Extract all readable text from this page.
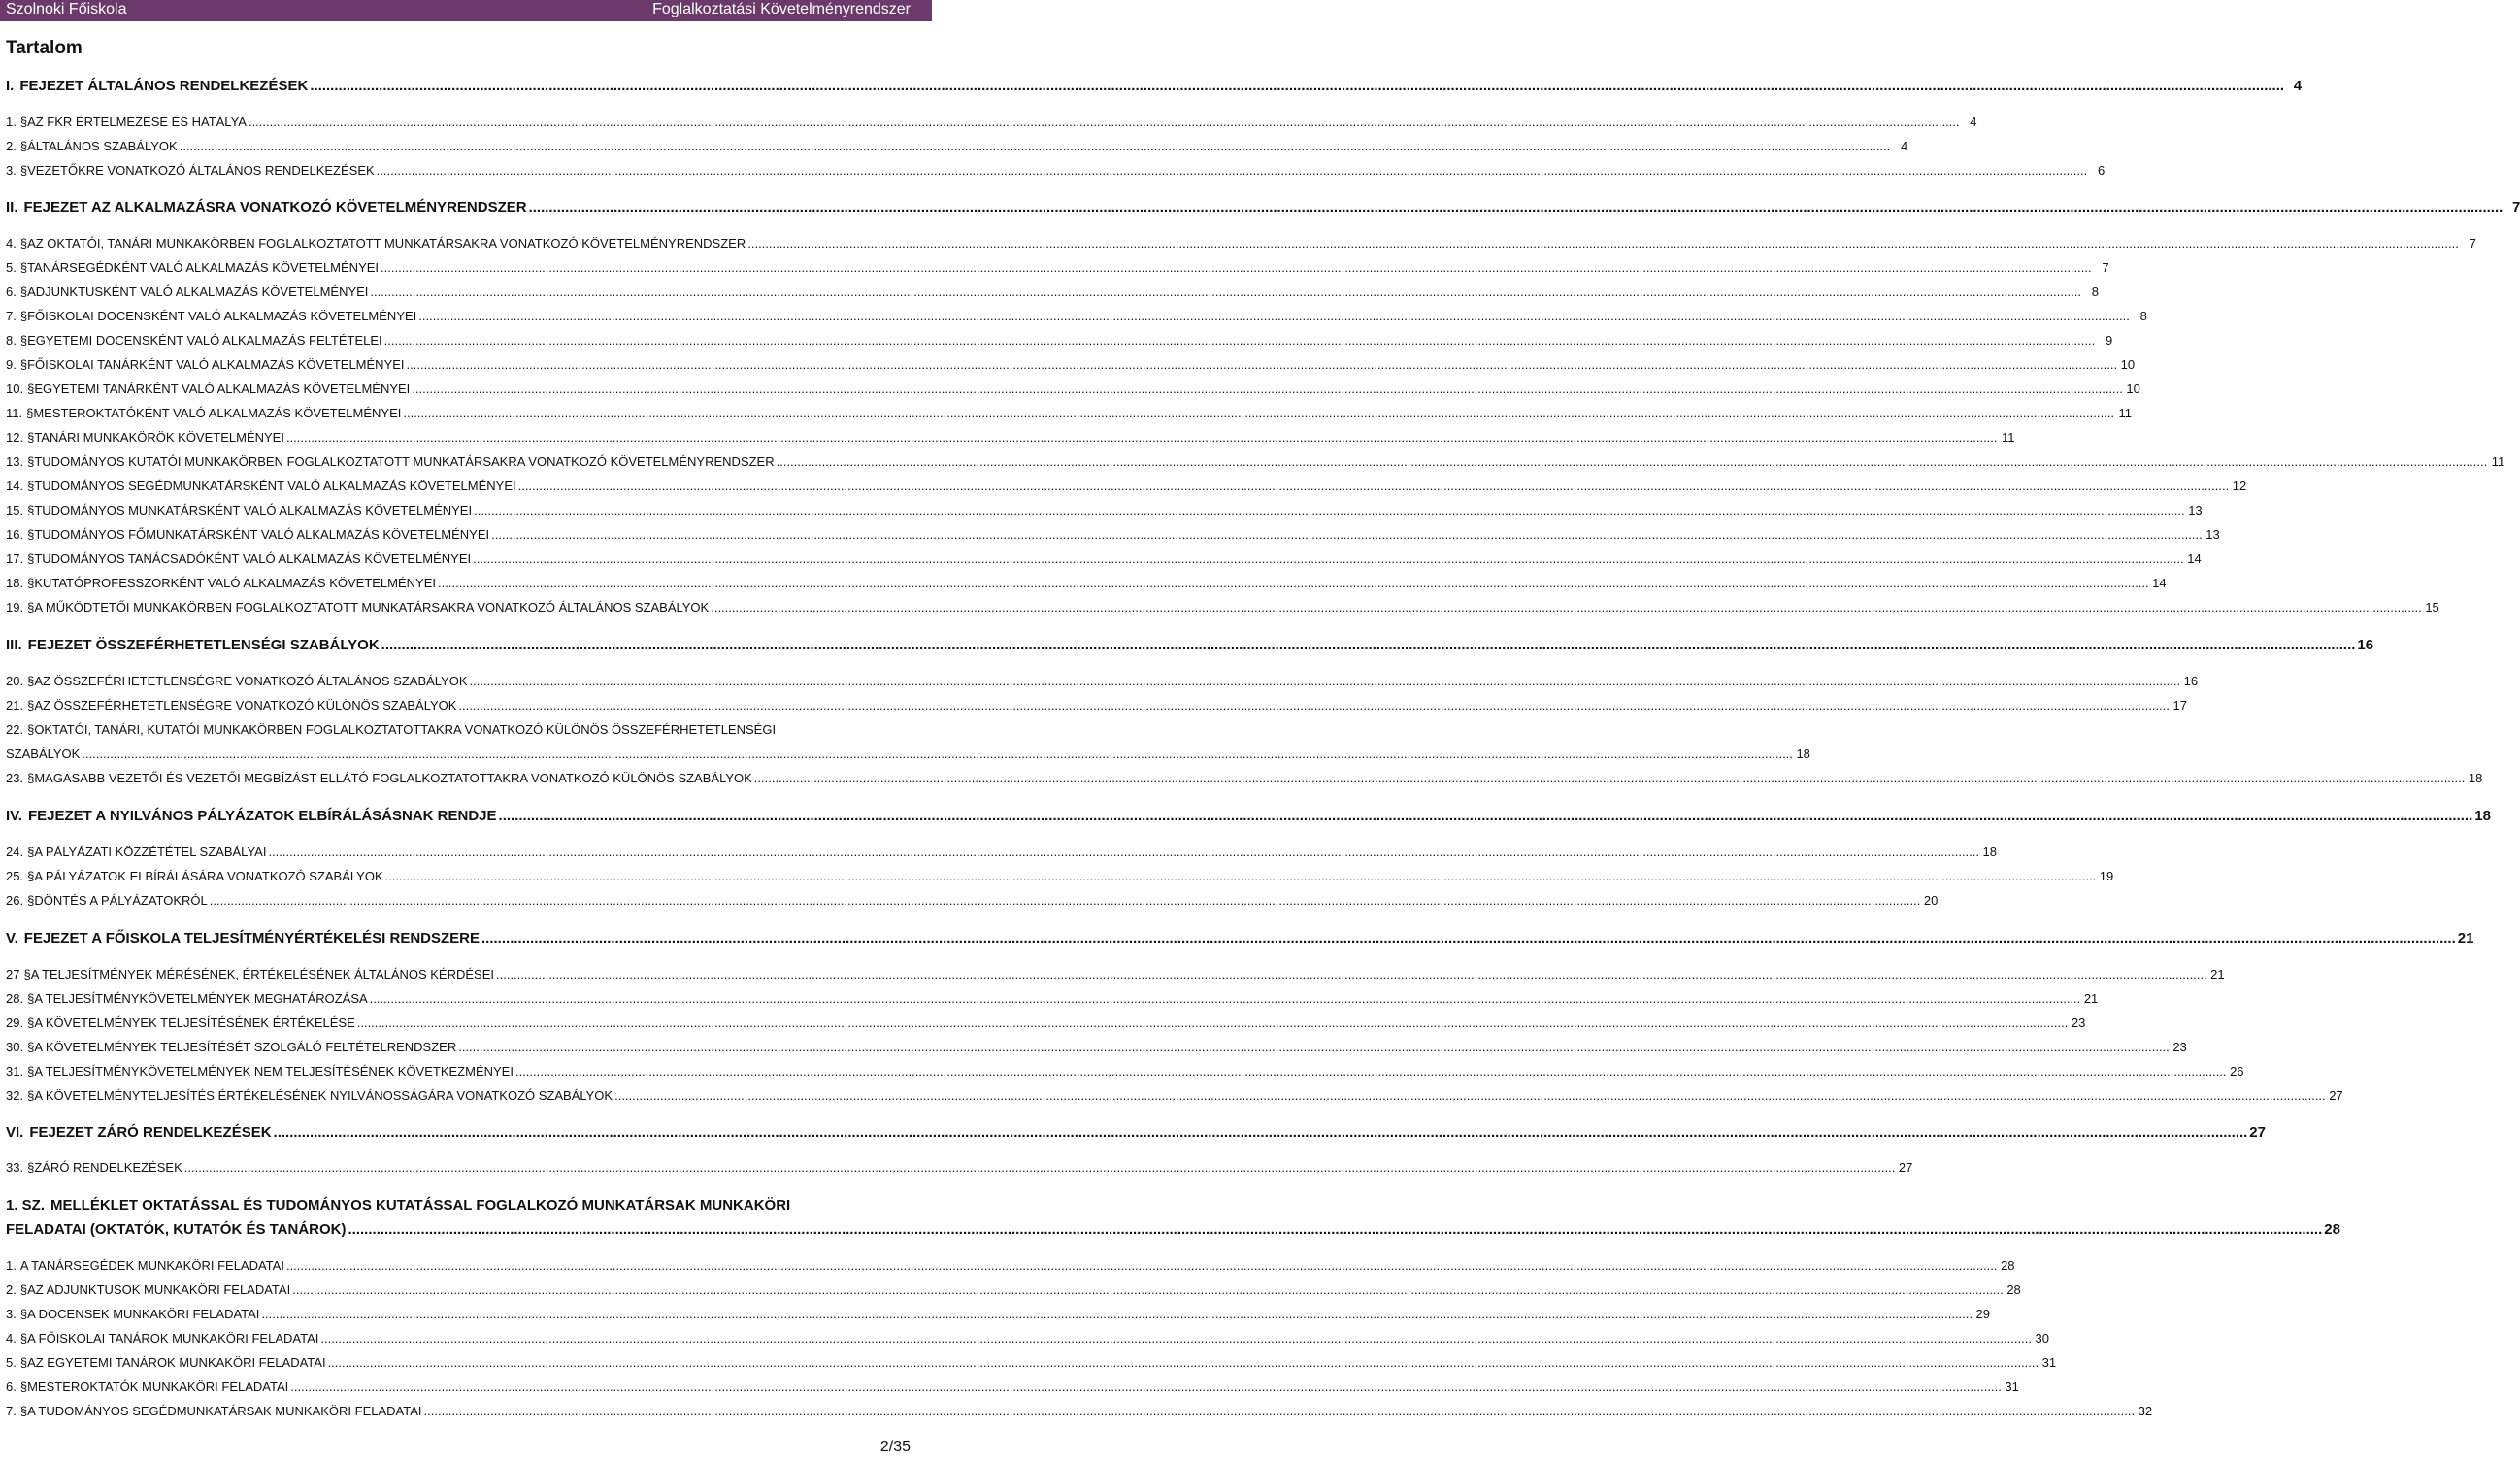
Szolnoki Főiskola	Foglalkoztatási Követelményrendszer
Tartalom
I. FEJEZET ÁLTALÁNOS RENDELKEZÉSEK .....	4
1. § AZ FKR ÉRTELMEZÉSE ÉS HATÁLYA .....	4
2. § ÁLTALÁNOS SZABÁLYOK .....	4
3. § VEZETŐKRE VONATKOZÓ ÁLTALÁNOS RENDELKEZÉSEK .....	6
II. FEJEZET AZ ALKALMAZÁSRA VONATKOZÓ KÖVETELMÉNYRENDSZER .....	7
4. § AZ OKTATÓI, TANÁRI MUNKAKÖRBEN FOGLALKOZTATOTT MUNKATÁRSAKRA VONATKOZÓ KÖVETELMÉNYRENDSZER .....	7
5. § TANÁRSEGÉDKÉNT VALÓ ALKALMAZÁS KÖVETELMÉNYEI .....	7
6. § ADJUNKTUSKÉNT VALÓ ALKALMAZÁS KÖVETELMÉNYEI .....	8
7. § FŐISKOLAI DOCENSKÉNT VALÓ ALKALMAZÁS KÖVETELMÉNYEI .....	8
8. § EGYETEMI DOCENSKÉNT VALÓ ALKALMAZÁS FELTÉTELEI .....	9
9. § FŐISKOLAI TANÁRKÉNT VALÓ ALKALMAZÁS KÖVETELMÉNYEI .....	10
10. § EGYETEMI TANÁRKÉNT VALÓ ALKALMAZÁS KÖVETELMÉNYEI .....	10
11. § MESTEROKTATÓKÉNT VALÓ ALKALMAZÁS KÖVETELMÉNYEI .....	11
12. § TANÁRI MUNKAKÖRÖK KÖVETELMÉNYEI .....	11
13. § TUDOMÁNYOS KUTATÓI MUNKAKÖRBEN FOGLALKOZTATOTT MUNKATÁRSAKRA VONATKOZÓ KÖVETELMÉNYRENDSZER .....	11
14. § TUDOMÁNYOS SEGÉDMUNKATÁRSKÉNT VALÓ ALKALMAZÁS KÖVETELMÉNYEI .....	12
15. § TUDOMÁNYOS MUNKATÁRSKÉNT VALÓ ALKALMAZÁS KÖVETELMÉNYEI .....	13
16. § TUDOMÁNYOS FŐMUNKATÁRSKÉNT VALÓ ALKALMAZÁS KÖVETELMÉNYEI .....	13
17. § TUDOMÁNYOS TANÁCSADÓKÉNT VALÓ ALKALMAZÁS KÖVETELMÉNYEI .....	14
18. § KUTATÓPROFESSZORKÉNT VALÓ ALKALMAZÁS KÖVETELMÉNYEI .....	14
19. § A MŰKÖDTETŐI MUNKAKÖRBEN FOGLALKOZTATOTT MUNKATÁRSAKRA VONATKOZÓ ÁLTALÁNOS SZABÁLYOK .....	15
III. FEJEZET ÖSSZEFÉRHETETLENSÉGI SZABÁLYOK .....	16
20. § AZ ÖSSZEFÉRHETETLENSÉGRE VONATKOZÓ ÁLTALÁNOS SZABÁLYOK .....	16
21. § AZ ÖSSZEFÉRHETETLENSÉGRE VONATKOZÓ KÜLÖNÖS SZABÁLYOK .....	17
22. § OKTATÓI, TANÁRI, KUTATÓI MUNKAKÖRBEN FOGLALKOZTATOTTAKRA VONATKOZÓ KÜLÖNÖS ÖSSZEFÉRHETETLENSÉGI
SZABÁLYOK .....	18
23. § MAGASABB VEZETŐI ÉS VEZETŐI MEGBÍZÁST ELLÁTÓ FOGLALKOZTATOTTAKRA VONATKOZÓ KÜLÖNÖS SZABÁLYOK .....	18
IV. FEJEZET A NYILVÁNOS PÁLYÁZATOK ELBÍRÁLÁSÁSNAK RENDJE .....	18
24. § A PÁLYÁZATI KÖZZÉTÉTEL SZABÁLYAI .....	18
25. § A PÁLYÁZATOK ELBÍRÁLÁSÁRA VONATKOZÓ SZABÁLYOK .....	19
26. § DÖNTÉS A PÁLYÁZATOKRÓL .....	20
V. FEJEZET A FŐISKOLA TELJESÍTMÉNYÉRTÉKELÉSI RENDSZERE .....	21
27 § A TELJESÍTMÉNYEK MÉRÉSÉNEK, ÉRTÉKELÉSÉNEK ÁLTALÁNOS KÉRDÉSEI .....	21
28. § A TELJESÍTMÉNYKÖVETELMÉNYEK MEGHATÁROZÁSA .....	21
29. § A KÖVETELMÉNYEK TELJESÍTÉSÉNEK ÉRTÉKELÉSE .....	23
30. § A KÖVETELMÉNYEK TELJESÍTÉSÉT SZOLGÁLÓ FELTÉTELRENDSZER .....	23
31. § A TELJESÍTMÉNYKÖVETELMÉNYEK NEM TELJESÍTÉSÉNEK KÖVETKEZMÉNYEI .....	26
32. § A KÖVETELMÉNYTELJESÍTÉS ÉRTÉKELÉSÉNEK NYILVÁNOSSÁGÁRA VONATKOZÓ SZABÁLYOK .....	27
VI. FEJEZET ZÁRÓ RENDELKEZÉSEK .....	27
33. § ZÁRÓ RENDELKEZÉSEK .....	27
1. SZ. MELLÉKLET OKTATÁSSAL ÉS TUDOMÁNYOS KUTATÁSSAL FOGLALKOZÓ MUNKATÁRSAK MUNKAKÖRI
FELADATAI (OKTATÓK, KUTATÓK ÉS TANÁROK) .....	28
1. A TANÁRSEGÉDEK MUNKAKÖRI FELADATAI .....	28
2. § AZ ADJUNKTUSOK MUNKAKÖRI FELADATAI .....	28
3. § A DOCENSEK MUNKAKÖRI FELADATAI .....	29
4. § A FŐISKOLAI TANÁROK MUNKAKÖRI FELADATAI .....	30
5. § AZ EGYETEMI TANÁROK MUNKAKÖRI FELADATAI .....	31
6. § MESTEROKTATÓK MUNKAKÖRI FELADATAI .....	31
7. § A TUDOMÁNYOS SEGÉDMUNKATÁRSAK MUNKAKÖRI FELADATAI .....	32
2/35
